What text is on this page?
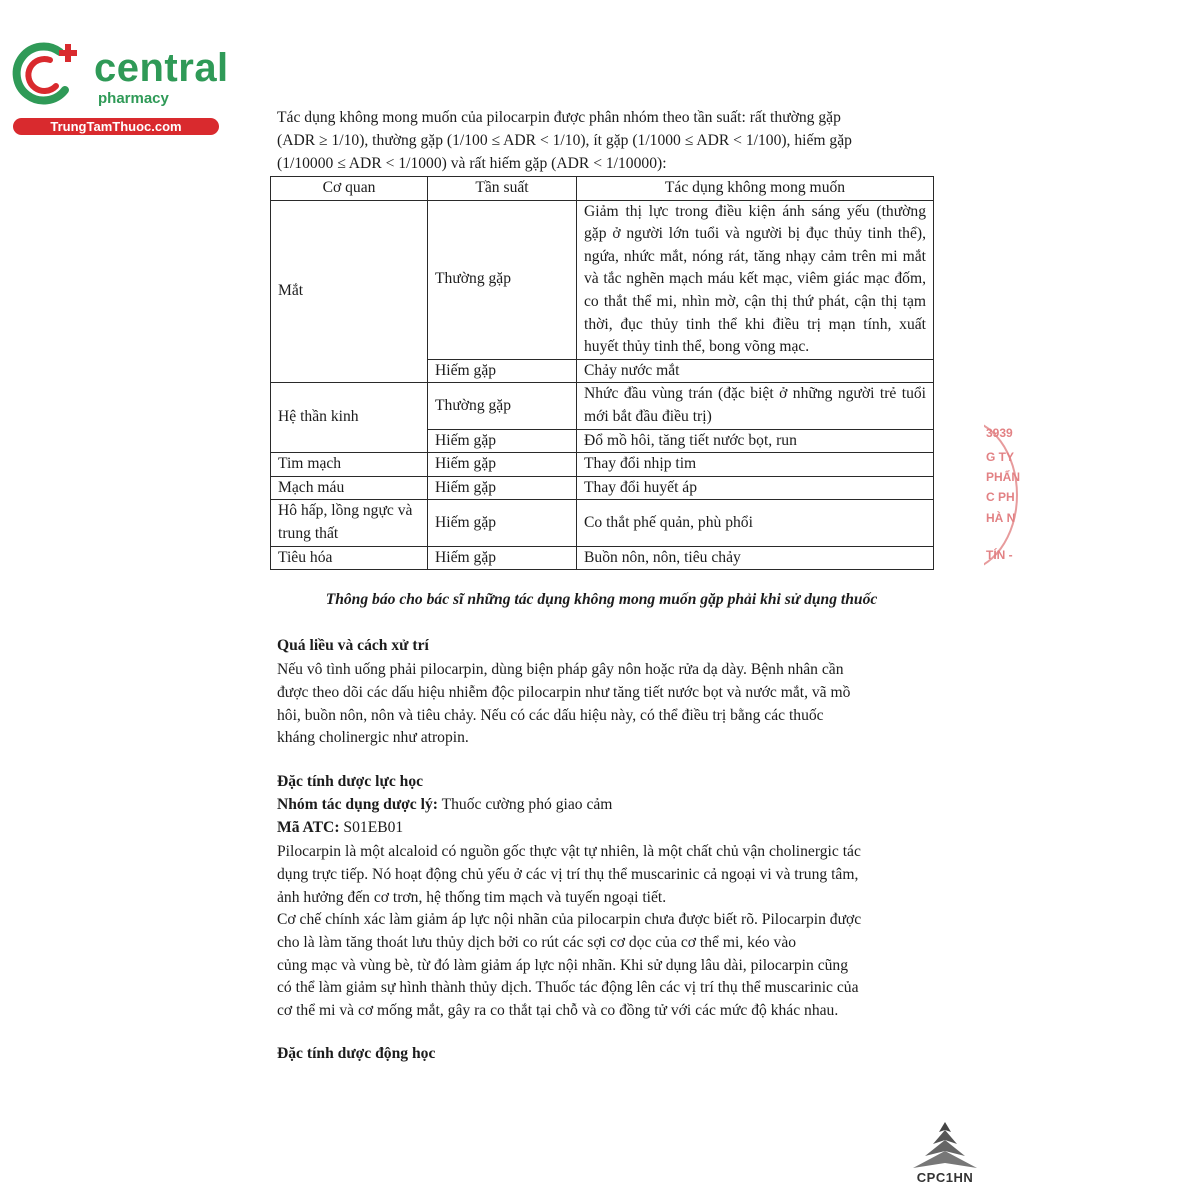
central
pharmacy
TrungTamThuoc.com

Tác dụng không mong muốn của pilocarpin được phân nhóm theo tần suất: rất thường gặp
(ADR ≥ 1/10), thường gặp (1/100 ≤ ADR < 1/10), ít gặp (1/1000 ≤ ADR < 1/100), hiếm gặp
(1/10000 ≤ ADR < 1/1000) và rất hiếm gặp (ADR < 1/10000):

Cơ quan	Tần suất	Tác dụng không mong muốn
Mắt	Thường gặp	Giảm thị lực trong điều kiện ánh sáng yếu (thường gặp ở người lớn tuổi và người bị đục thủy tinh thể), ngứa, nhức mắt, nóng rát, tăng nhạy cảm trên mi mắt và tắc nghẽn mạch máu kết mạc, viêm giác mạc đốm, co thắt thể mi, nhìn mờ, cận thị thứ phát, cận thị tạm thời, đục thủy tinh thể khi điều trị mạn tính, xuất huyết thủy tinh thể, bong võng mạc.
	Hiếm gặp	Chảy nước mắt
Hệ thần kinh	Thường gặp	Nhức đầu vùng trán (đặc biệt ở những người trẻ tuổi mới bắt đầu điều trị)
	Hiếm gặp	Đổ mồ hôi, tăng tiết nước bọt, run
Tim mạch	Hiếm gặp	Thay đổi nhịp tim
Mạch máu	Hiếm gặp	Thay đổi huyết áp
Hô hấp, lồng ngực và trung thất	Hiếm gặp	Co thắt phế quản, phù phổi
Tiêu hóa	Hiếm gặp	Buồn nôn, nôn, tiêu chảy

Thông báo cho bác sĩ những tác dụng không mong muốn gặp phải khi sử dụng thuốc

Quá liều và cách xử trí

Nếu vô tình uống phải pilocarpin, dùng biện pháp gây nôn hoặc rửa dạ dày. Bệnh nhân cần
được theo dõi các dấu hiệu nhiễm độc pilocarpin như tăng tiết nước bọt và nước mắt, vã mồ
hôi, buồn nôn, nôn và tiêu chảy. Nếu có các dấu hiệu này, có thể điều trị bằng các thuốc
kháng cholinergic như atropin.

Đặc tính dược lực học

Nhóm tác dụng dược lý: Thuốc cường phó giao cảm

Mã ATC: S01EB01

Pilocarpin là một alcaloid có nguồn gốc thực vật tự nhiên, là một chất chủ vận cholinergic tác
dụng trực tiếp. Nó hoạt động chủ yếu ở các vị trí thụ thể muscarinic cả ngoại vi và trung tâm,
ảnh hưởng đến cơ trơn, hệ thống tim mạch và tuyến ngoại tiết.

Cơ chế chính xác làm giảm áp lực nội nhãn của pilocarpin chưa được biết rõ. Pilocarpin được
cho là làm tăng thoát lưu thủy dịch bởi co rút các sợi cơ dọc của cơ thể mi, kéo vào
củng mạc và vùng bè, từ đó làm giảm áp lực nội nhãn. Khi sử dụng lâu dài, pilocarpin cũng
có thể làm giảm sự hình thành thủy dịch. Thuốc tác động lên các vị trí thụ thể muscarinic của
cơ thể mi và cơ mống mắt, gây ra co thắt tại chỗ và co đồng tử với các mức độ khác nhau.

Đặc tính dược động học

3939
G TY
PHẨN
C PH
HÀ N
TÍN -
CPC1HN
